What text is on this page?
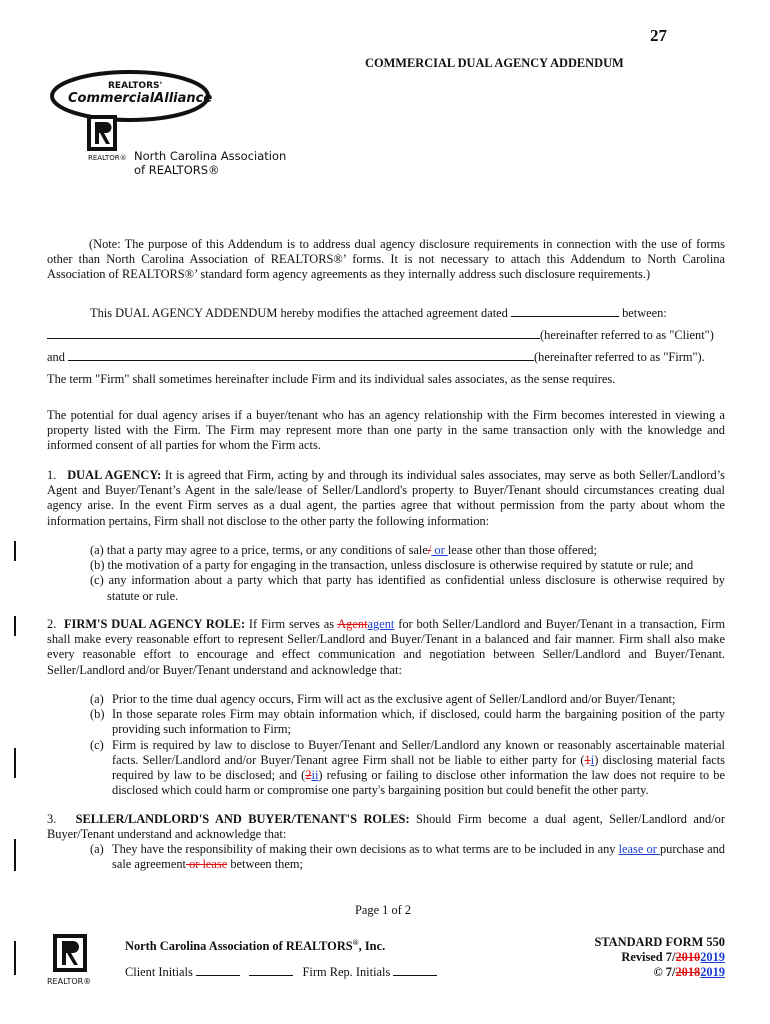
27
COMMERCIAL DUAL AGENCY ADDENDUM
REALTORS'
CommercialAlliance
REALTOR® North Carolina Association
of REALTORS®
(Note: The purpose of this Addendum is to address dual agency disclosure requirements in connection with the use of forms other than North Carolina Association of REALTORS®’ forms. It is not necessary to attach this Addendum to North Carolina Association of REALTORS®’ standard form agency agreements as they internally address such disclosure requirements.)
This DUAL AGENCY ADDENDUM hereby modifies the attached agreement dated	between:
(hereinafter referred to as "Client")
and	(hereinafter referred to as "Firm").
The term "Firm" shall sometimes hereinafter include Firm and its individual sales associates, as the sense requires.
The potential for dual agency arises if a buyer/tenant who has an agency relationship with the Firm becomes interested in viewing a property listed with the Firm. The Firm may represent more than one party in the same transaction only with the knowledge and informed consent of all parties for whom the Firm acts.
1. DUAL AGENCY: It is agreed that Firm, acting by and through its individual sales associates, may serve as both Seller/Landlord’s Agent and Buyer/Tenant’s Agent in the sale/lease of Seller/Landlord's property to Buyer/Tenant should circumstances creating dual agency arise. In the event Firm serves as a dual agent, the parties agree that without permission from the party about whom the information pertains, Firm shall not disclose to the other party the following information:
(a) that a party may agree to a price, terms, or any conditions of sale/ or lease other than those offered;
(b) the motivation of a party for engaging in the transaction, unless disclosure is otherwise required by statute or rule; and
(c) any information about a party which that party has identified as confidential unless disclosure is otherwise required by statute or rule.
2. FIRM'S DUAL AGENCY ROLE: If Firm serves as Agentagent for both Seller/Landlord and Buyer/Tenant in a transaction, Firm shall make every reasonable effort to represent Seller/Landlord and Buyer/Tenant in a balanced and fair manner. Firm shall also make every reasonable effort to encourage and effect communication and negotiation between Seller/Landlord and Buyer/Tenant. Seller/Landlord and/or Buyer/Tenant understand and acknowledge that:
(a) Prior to the time dual agency occurs, Firm will act as the exclusive agent of Seller/Landlord and/or Buyer/Tenant;
(b) In those separate roles Firm may obtain information which, if disclosed, could harm the bargaining position of the party providing such information to Firm;
(c) Firm is required by law to disclose to Buyer/Tenant and Seller/Landlord any known or reasonably ascertainable material facts. Seller/Landlord and/or Buyer/Tenant agree Firm shall not be liable to either party for (1i) disclosing material facts required by law to be disclosed; and (2ii) refusing or failing to disclose other information the law does not require to be disclosed which could harm or compromise one party's bargaining position but could benefit the other party.
3. SELLER/LANDLORD'S AND BUYER/TENANT'S ROLES: Should Firm become a dual agent, Seller/Landlord and/or Buyer/Tenant understand and acknowledge that:
(a) They have the responsibility of making their own decisions as to what terms are to be included in any lease or purchase and sale agreement or lease between them;
Page 1 of 2
REALTOR®
North Carolina Association of REALTORS®, Inc.
Client Initials	Firm Rep. Initials
STANDARD FORM 550
Revised 7/20102019
© 7/20182019
